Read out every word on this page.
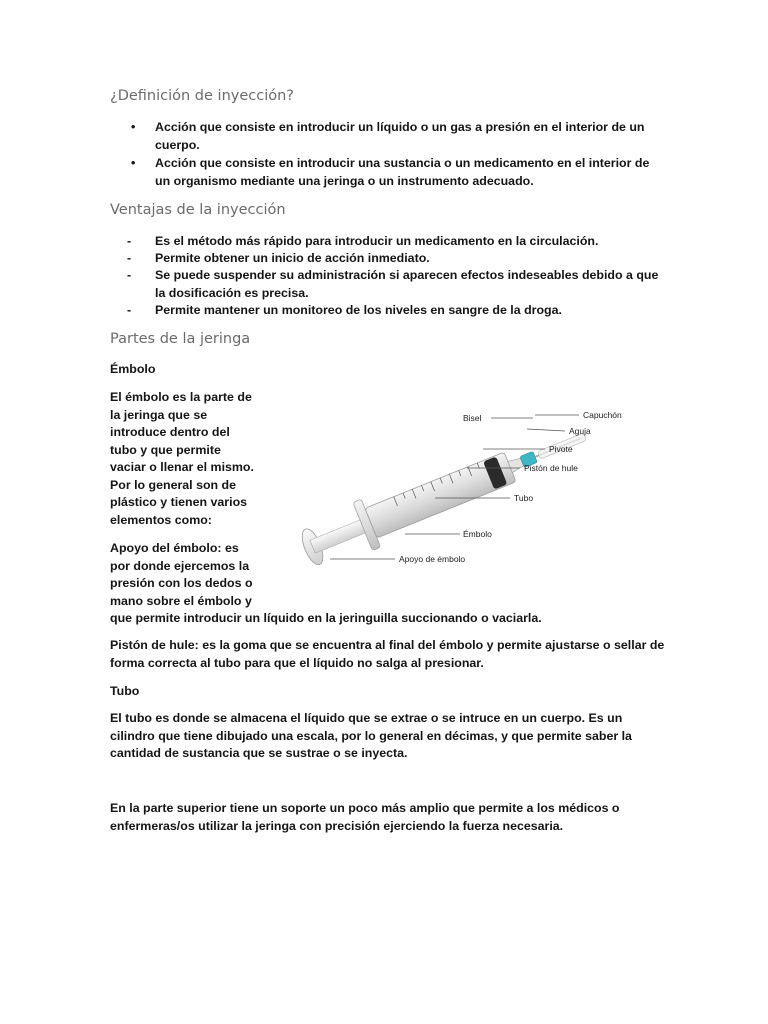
¿Definición de inyección?
• Acción que consiste en introducir un líquido o un gas a presión en el interior de un cuerpo.
• Acción que consiste en introducir una sustancia o un medicamento en el interior de un organismo mediante una jeringa o un instrumento adecuado.
Ventajas de la inyección
- Es el método más rápido para introducir un medicamento en la circulación.
- Permite obtener un inicio de acción inmediato.
- Se puede suspender su administración si aparecen efectos indeseables debido a que la dosificación es precisa.
- Permite mantener un monitoreo de los niveles en sangre de la droga.
Partes de la jeringa
Émbolo
El émbolo es la parte de
la jeringa que se
introduce dentro del
tubo y que permite
vaciar o llenar el mismo.
Por lo general son de
plástico y tienen varios
elementos como:
Apoyo del émbolo: es
por donde ejercemos la
presión con los dedos o
mano sobre el émbolo y
que permite introducir un líquido en la jeringuilla succionando o vaciarla.
Pistón de hule: es la goma que se encuentra al final del émbolo y permite ajustarse o sellar de forma correcta al tubo para que el líquido no salga al presionar.
Tubo
El tubo es donde se almacena el líquido que se extrae o se intruce en un cuerpo. Es un cilindro que tiene dibujado una escala, por lo general en décimas, y que permite saber la cantidad de sustancia que se sustrae o se inyecta.
En la parte superior tiene un soporte un poco más amplio que permite a los médicos o enfermeras/os utilizar la jeringa con precisión ejerciendo la fuerza necesaria.
Bisel	Capuchón
Aguja
Pivote
Pistón de hule
Tubo
Émbolo
Apoyo de émbolo
